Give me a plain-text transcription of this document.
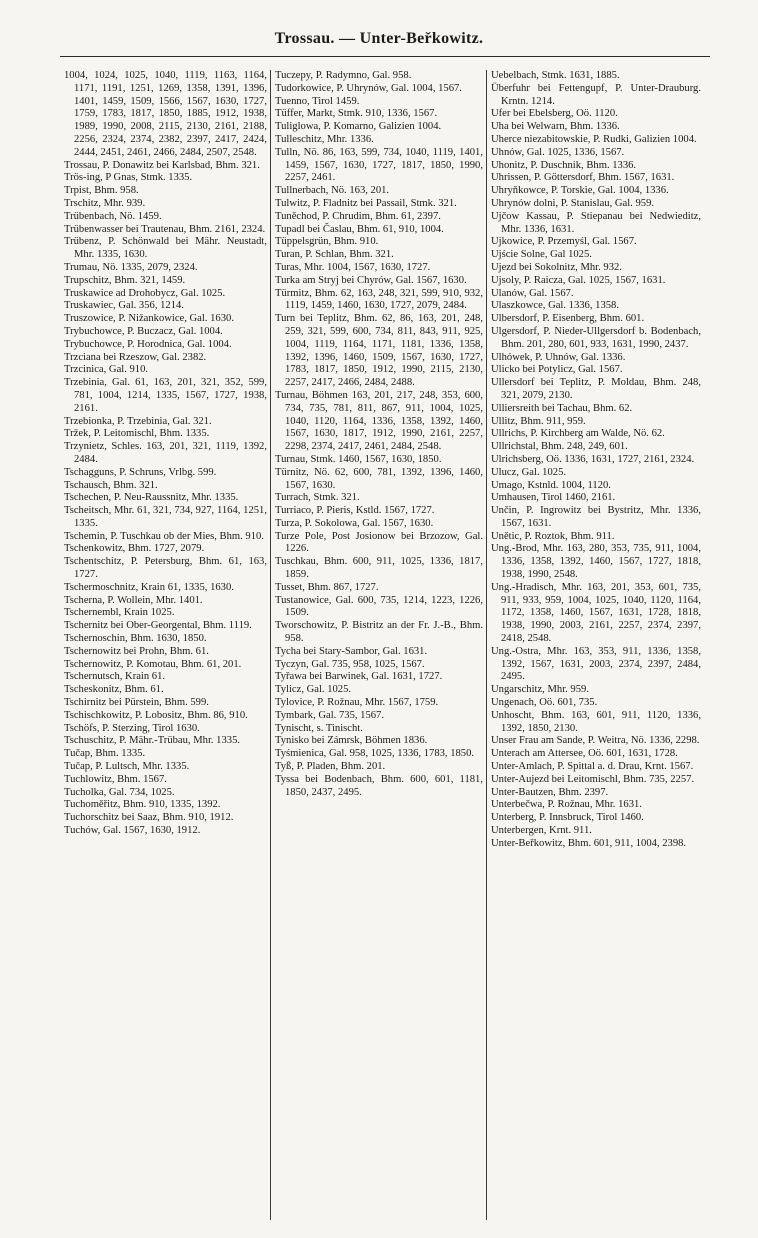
Trossau. — Unter-Beřkowitz.

1004, 1024, 1025, 1040, 1119, 1163, 1164, 1171, 1191, 1251, 1269, 1358, 1391, 1396, 1401, 1459, 1509, 1566, 1567, 1630, 1727, 1759, 1783, 1817, 1850, 1885, 1912, 1938, 1989, 1990, 2008, 2115, 2130, 2161, 2188, 2256, 2324, 2374, 2382, 2397, 2417, 2424, 2444, 2451, 2461, 2466, 2484, 2507, 2548.

Trossau, P. Donawitz bei Karlsbad, Bhm. 321.

Trös-ing, P Gnas, Stmk. 1335.

Trpist, Bhm. 958.

Trschitz, Mhr. 939.

Trübenbach, Nö. 1459.

Trübenwasser bei Trautenau, Bhm. 2161, 2324.

Trübenz, P. Schönwald bei Mähr. Neustadt, Mhr. 1335, 1630.

Trumau, Nö. 1335, 2079, 2324.

Trupschitz, Bhm. 321, 1459.

Truskawice ad Drohobycz, Gal. 1025.

Truskawiec, Gal. 356, 1214.

Truszowice, P. Nižankowice, Gal. 1630.

Trybuchowce, P. Buczacz, Gal. 1004.

Trybuchowce, P. Horodnica, Gal. 1004.

Trzciana bei Rzeszow, Gal. 2382.

Trzcinica, Gal. 910.

Trzebinia, Gal. 61, 163, 201, 321, 352, 599, 781, 1004, 1214, 1335, 1567, 1727, 1938, 2161.

Trzebionka, P. Trzebinia, Gal. 321.

Tržek, P. Leitomischl, Bhm. 1335.

Trzynietz, Schles. 163, 201, 321, 1119, 1392, 2484.

Tschagguns, P. Schruns, Vrlbg. 599.

Tschausch, Bhm. 321.

Tschechen, P. Neu-Raussnitz, Mhr. 1335.

Tscheitsch, Mhr. 61, 321, 734, 927, 1164, 1251, 1335.

Tschemin, P. Tuschkau ob der Mies, Bhm. 910.

Tschenkowitz, Bhm. 1727, 2079.

Tschentschitz, P. Petersburg, Bhm. 61, 163, 1727.

Tschermoschnitz, Krain 61, 1335, 1630.

Tscherna, P. Wollein, Mhr. 1401.

Tschernembl, Krain 1025.

Tschernitz bei Ober-Georgental, Bhm. 1119.

Tschernoschin, Bhm. 1630, 1850.

Tschernowitz bei Prohn, Bhm. 61.

Tschernowitz, P. Komotau, Bhm. 61, 201.

Tschernutsch, Krain 61.

Tscheskonitz, Bhm. 61.

Tschirnitz bei Pürstein, Bhm. 599.

Tschischkowitz, P. Lobositz, Bhm. 86, 910.

Tschöfs, P. Sterzing, Tirol 1630.

Tschuschitz, P. Mähr.-Trübau, Mhr. 1335.

Tučap, Bhm. 1335.

Tučap, P. Lultsch, Mhr. 1335.

Tuchlowitz, Bhm. 1567.

Tucholka, Gal. 734, 1025.

Tuchoměřitz, Bhm. 910, 1335, 1392.

Tuchorschitz bei Saaz, Bhm. 910, 1912.

Tuchów, Gal. 1567, 1630, 1912.

Tuczepy, P. Radymno, Gal. 958.

Tudorkowice, P. Uhrynów, Gal. 1004, 1567.

Tuenno, Tirol 1459.

Tüffer, Markt, Stmk. 910, 1336, 1567.

Tuliglowa, P. Komarno, Galizien 1004.

Tulleschitz, Mhr. 1336.

Tulln, Nö. 86, 163, 599, 734, 1040, 1119, 1401, 1459, 1567, 1630, 1727, 1817, 1850, 1990, 2257, 2461.

Tullnerbach, Nö. 163, 201.

Tulwitz, P. Fladnitz bei Passail, Stmk. 321.

Tuněchod, P. Chrudim, Bhm. 61, 2397.

Tupadl bei Časlau, Bhm. 61, 910, 1004.

Tüppelsgrün, Bhm. 910.

Turan, P. Schlan, Bhm. 321.

Turas, Mhr. 1004, 1567, 1630, 1727.

Turka am Stryj bei Chyrów, Gal. 1567, 1630.

Türmitz, Bhm. 62, 163, 248, 321, 599, 910, 932, 1119, 1459, 1460, 1630, 1727, 2079, 2484.

Turn bei Teplitz, Bhm. 62, 86, 163, 201, 248, 259, 321, 599, 600, 734, 811, 843, 911, 925, 1004, 1119, 1164, 1171, 1181, 1336, 1358, 1392, 1396, 1460, 1509, 1567, 1630, 1727, 1783, 1817, 1850, 1912, 1990, 2115, 2130, 2257, 2417, 2466, 2484, 2488.

Turnau, Böhmen 163, 201, 217, 248, 353, 600, 734, 735, 781, 811, 867, 911, 1004, 1025, 1040, 1120, 1164, 1336, 1358, 1392, 1460, 1567, 1630, 1817, 1912, 1990, 2161, 2257, 2298, 2374, 2417, 2461, 2484, 2548.

Turnau, Stmk. 1460, 1567, 1630, 1850.

Türnitz, Nö. 62, 600, 781, 1392, 1396, 1460, 1567, 1630.

Turrach, Stmk. 321.

Turriaco, P. Pieris, Kstld. 1567, 1727.

Turza, P. Sokolowa, Gal. 1567, 1630.

Turze Pole, Post Josionow bei Brzozow, Gal. 1226.

Tuschkau, Bhm. 600, 911, 1025, 1336, 1817, 1859.

Tusset, Bhm. 867, 1727.

Tustanowice, Gal. 600, 735, 1214, 1223, 1226, 1509.

Tworschowitz, P. Bistritz an der Fr. J.-B., Bhm. 958.

Tycha bei Stary-Sambor, Gal. 1631.

Tyczyn, Gal. 735, 958, 1025, 1567.

Tyřawa bei Barwinek, Gal. 1631, 1727.

Tylicz, Gal. 1025.

Tylovice, P. Rožnau, Mhr. 1567, 1759.

Tymbark, Gal. 735, 1567.

Tynischt, s. Tinischt.

Tynisko bei Zámrsk, Böhmen 1836.

Tyśmienica, Gal. 958, 1025, 1336, 1783, 1850.

Tyß, P. Pladen, Bhm. 201.

Tyssa bei Bodenbach, Bhm. 600, 601, 1181, 1850, 2437, 2495.

Uebelbach, Stmk. 1631, 1885.

Überfuhr bei Fettengupf, P. Unter-Drauburg. Krntn. 1214.

Ufer bei Ebelsberg, Oö. 1120.

Uha bei Welwarn, Bhm. 1336.

Uherce niezabitowskie, P. Rudki, Galizien 1004.

Uhnów, Gal. 1025, 1336, 1567.

Uhonitz, P. Duschnik, Bhm. 1336.

Uhrissen, P. Göttersdorf, Bhm. 1567, 1631.

Uhryňkowce, P. Torskie, Gal. 1004, 1336.

Uhrynów dolni, P. Stanislau, Gal. 959.

Ujčow Kassau, P. Stiepanau bei Nedwieditz, Mhr. 1336, 1631.

Ujkowice, P. Przemyśl, Gal. 1567.

Ujście Solne, Gal 1025.

Ujezd bei Sokolnitz, Mhr. 932.

Ujsoly, P. Raicza, Gal. 1025, 1567, 1631.

Ulanów, Gal. 1567.

Ulaszkowce, Gal. 1336, 1358.

Ulbersdorf, P. Eisenberg, Bhm. 601.

Ulgersdorf, P. Nieder-Ullgersdorf b. Bodenbach, Bhm. 201, 280, 601, 933, 1631, 1990, 2437.

Ulhówek, P. Uhnów, Gal. 1336.

Ulicko bei Potylicz, Gal. 1567.

Ullersdorf bei Teplitz, P. Moldau, Bhm. 248, 321, 2079, 2130.

Ulliersreith bei Tachau, Bhm. 62.

Ullitz, Bhm. 911, 959.

Ullrichs, P. Kirchberg am Walde, Nö. 62.

Ullrichstal, Bhm. 248, 249, 601.

Ulrichsberg, Oö. 1336, 1631, 1727, 2161, 2324.

Ulucz, Gal. 1025.

Umago, Kstnld. 1004, 1120.

Umhausen, Tirol 1460, 2161.

Unčin, P. Ingrowitz bei Bystritz, Mhr. 1336, 1567, 1631.

Unětic, P. Roztok, Bhm. 911.

Ung.-Brod, Mhr. 163, 280, 353, 735, 911, 1004, 1336, 1358, 1392, 1460, 1567, 1727, 1818, 1938, 1990, 2548.

Ung.-Hradisch, Mhr. 163, 201, 353, 601, 735, 911, 933, 959, 1004, 1025, 1040, 1120, 1164, 1172, 1358, 1460, 1567, 1631, 1728, 1818, 1938, 1990, 2003, 2161, 2257, 2374, 2397, 2418, 2548.

Ung.-Ostra, Mhr. 163, 353, 911, 1336, 1358, 1392, 1567, 1631, 2003, 2374, 2397, 2484, 2495.

Ungarschitz, Mhr. 959.

Ungenach, Oö. 601, 735.

Unhoscht, Bhm. 163, 601, 911, 1120, 1336, 1392, 1850, 2130.

Unser Frau am Sande, P. Weitra, Nö. 1336, 2298.

Unterach am Attersee, Oö. 601, 1631, 1728.

Unter-Amlach, P. Spittal a. d. Drau, Krnt. 1567.

Unter-Aujezd bei Leitomischl, Bhm. 735, 2257.

Unter-Bautzen, Bhm. 2397.

Unterbečwa, P. Rožnau, Mhr. 1631.

Unterberg, P. Innsbruck, Tirol 1460.

Unterbergen, Krnt. 911.

Unter-Beřkowitz, Bhm. 601, 911, 1004, 2398.
